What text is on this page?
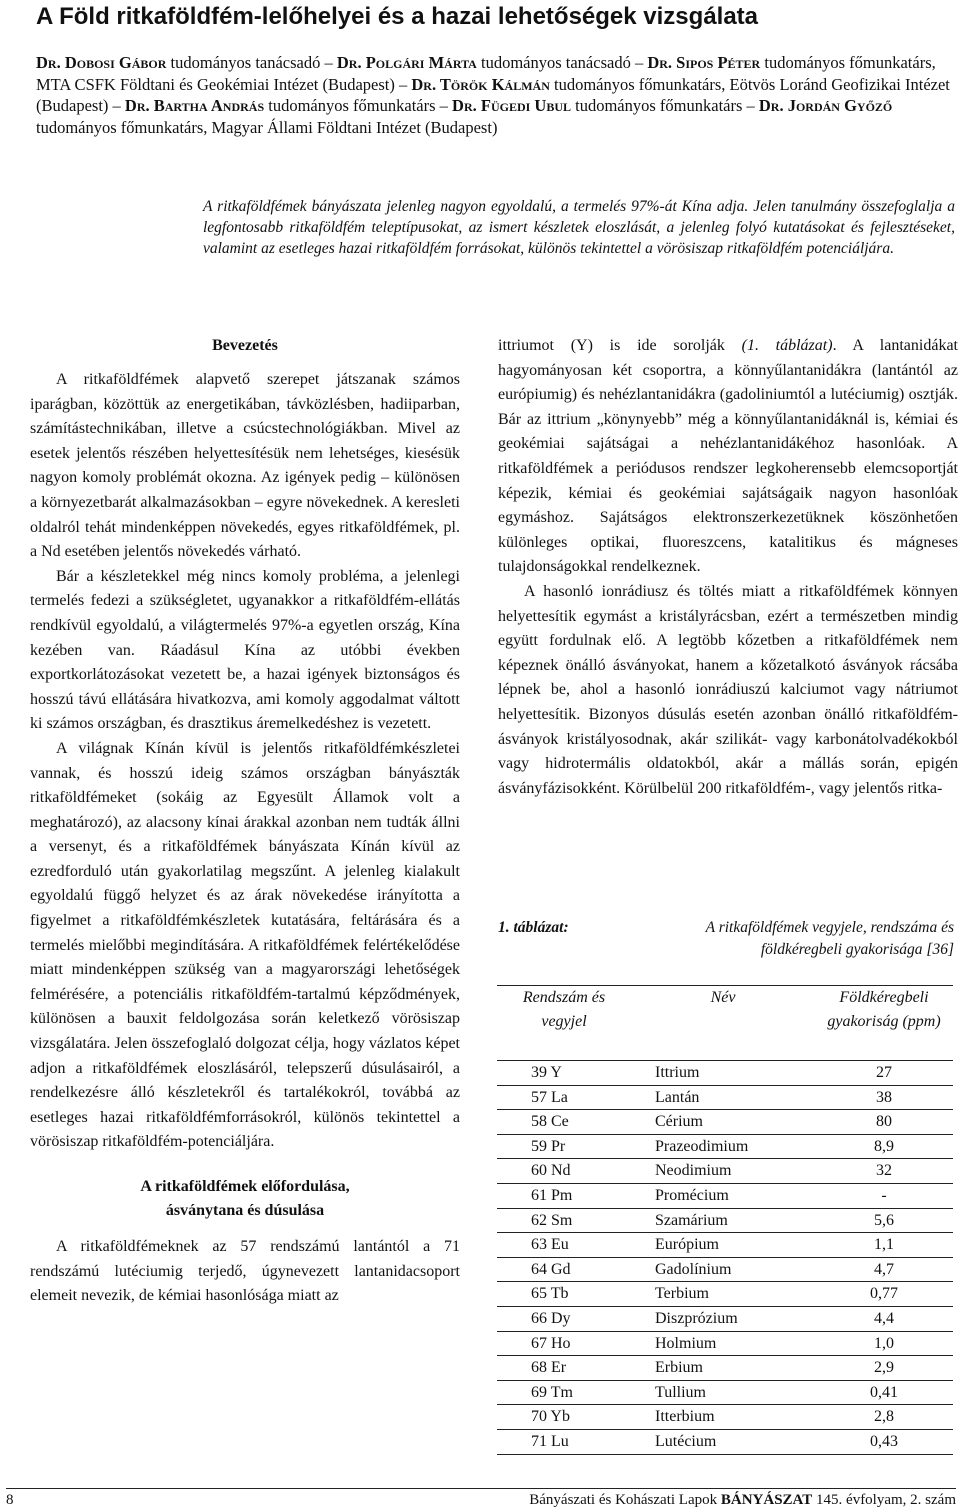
A Föld ritkaföldfém-lelőhelyei és a hazai lehetőségek vizsgálata

Dr. Dobosi Gábor tudományos tanácsadó – Dr. Polgári Márta tudományos tanácsadó – Dr. Sipos Péter tudományos főmunkatárs, MTA CSFK Földtani és Geokémiai Intézet (Budapest) – Dr. Török Kálmán tudományos főmunkatárs, Eötvös Loránd Geofizikai Intézet (Budapest) – Dr. Bartha András tudományos főmunkatárs – Dr. Fügedi Ubul tudományos főmunkatárs – Dr. Jordán Győző tudományos főmunkatárs, Magyar Állami Földtani Intézet (Budapest)

A ritkaföldfémek bányászata jelenleg nagyon egyoldalú, a termelés 97%-át Kína adja. Jelen tanulmány összefoglalja a legfontosabb ritkaföldfém teleptípusokat, az ismert készletek eloszlását, a jelenleg folyó kutatásokat és fejlesztéseket, valamint az esetleges hazai ritkaföldfém forrásokat, különös tekintettel a vörösiszap ritkaföldfém potenciáljára.

Bevezetés

A ritkaföldfémek alapvető szerepet játszanak számos iparágban, közöttük az energetikában, távközlésben, hadiiparban, számítástechnikában, illetve a csúcstechnológiákban. Mivel az esetek jelentős részében helyettesítésük nem lehetséges, kiesésük nagyon komoly problémát okozna. Az igények pedig – különösen a környezetbarát alkalmazásokban – egyre növekednek. A keresleti oldalról tehát mindenképpen növekedés, egyes ritkaföldfémek, pl. a Nd esetében jelentős növekedés várható.

Bár a készletekkel még nincs komoly probléma, a jelenlegi termelés fedezi a szükségletet, ugyanakkor a ritkaföldfém-ellátás rendkívül egyoldalú, a világtermelés 97%-a egyetlen ország, Kína kezében van. Ráadásul Kína az utóbbi években exportkorlátozásokat vezetett be, a hazai igények biztonságos és hosszú távú ellátására hivatkozva, ami komoly aggodalmat váltott ki számos országban, és drasztikus áremelkedéshez is vezetett.

A világnak Kínán kívül is jelentős ritkaföldfémkészletei vannak, és hosszú ideig számos országban bányászták ritkaföldfémeket (sokáig az Egyesült Államok volt a meghatározó), az alacsony kínai árakkal azonban nem tudták állni a versenyt, és a ritkaföldfémek bányászata Kínán kívül az ezredforduló után gyakorlatilag megszűnt. A jelenleg kialakult egyoldalú függő helyzet és az árak növekedése irányította a figyelmet a ritkaföldfémkészletek kutatására, feltárására és a termelés mielőbbi megindítására. A ritkaföldfémek felértékelődése miatt mindenképpen szükség van a magyarországi lehetőségek felmérésére, a potenciális ritkaföldfém-tartalmú képződmények, különösen a bauxit feldolgozása során keletkező vörösiszap vizsgálatára. Jelen összefoglaló dolgozat célja, hogy vázlatos képet adjon a ritkaföldfémek eloszlásáról, telepszerű dúsulásairól, a rendelkezésre álló készletekről és tartalékokról, továbbá az esetleges hazai ritkaföldfémforrásokról, különös tekintettel a vörösiszap ritkaföldfém-potenciáljára.

A ritkaföldfémek előfordulása,
ásványtana és dúsulása

A ritkaföldfémeknek az 57 rendszámú lantántól a 71 rendszámú lutéciumig terjedő, úgynevezett lantanidacsoport elemeit nevezik, de kémiai hasonlósága miatt az

ittriumot (Y) is ide sorolják (1. táblázat). A lantanidákat hagyományosan két csoportra, a könnyűlantanidákra (lantántól az európiumig) és nehézlantanidákra (gadoliniumtól a lutéciumig) osztják. Bár az ittrium „könynyebb” még a könnyűlantanidáknál is, kémiai és geokémiai sajátságai a nehézlantanidákéhoz hasonlóak. A ritkaföldfémek a periódusos rendszer legkoherensebb elemcsoportját képezik, kémiai és geokémiai sajátságaik nagyon hasonlóak egymáshoz. Sajátságos elektronszerkezetüknek köszönhetően különleges optikai, fluoreszcens, katalitikus és mágneses tulajdonságokkal rendelkeznek.

A hasonló ionrádiusz és töltés miatt a ritkaföldfémek könnyen helyettesítik egymást a kristályrácsban, ezért a természetben mindig együtt fordulnak elő. A legtöbb kőzetben a ritkaföldfémek nem képeznek önálló ásványokat, hanem a kőzetalkotó ásványok rácsába lépnek be, ahol a hasonló ionrádiuszú kalciumot vagy nátriumot helyettesítik. Bizonyos dúsulás esetén azonban önálló ritkaföldfém-ásványok kristályosodnak, akár szilikát- vagy karbonátolvadékokból vagy hidrotermális oldatokból, akár a mállás során, epigén ásványfázisokként. Körülbelül 200 ritkaföldfém-, vagy jelentős ritka-

1. táblázat:	A ritkaföldfémek vegyjele, rendszáma és földkéregbeli gyakorisága [36]
Rendszám és vegyjel	Név	Földkéregbeli gyakoriság (ppm)
39 Y	Ittrium	27
57 La	Lantán	38
58 Ce	Cérium	80
59 Pr	Prazeodimium	8,9
60 Nd	Neodimium	32
61 Pm	Promécium	-
62 Sm	Szamárium	5,6
63 Eu	Európium	1,1
64 Gd	Gadolínium	4,7
65 Tb	Terbium	0,77
66 Dy	Diszprózium	4,4
67 Ho	Holmium	1,0
68 Er	Erbium	2,9
69 Tm	Tullium	0,41
70 Yb	Itterbium	2,8
71 Lu	Lutécium	0,43
8	Bányászati és Kohászati Lapok BÁNYÁSZAT 145. évfolyam, 2. szám
